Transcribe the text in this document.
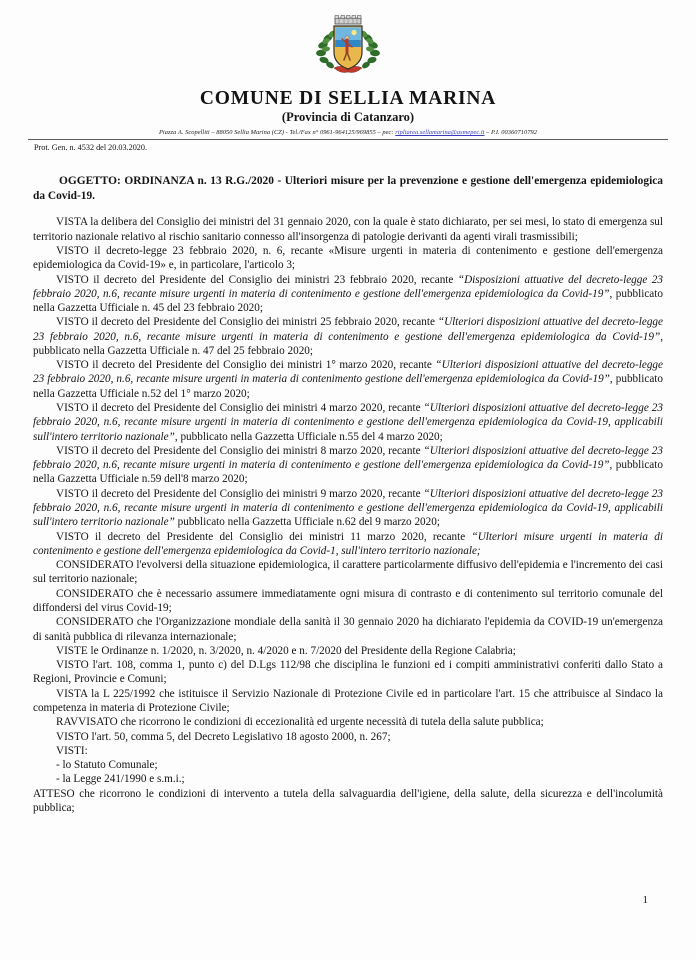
COMUNE DI SELLIA MARINA
(Provincia di Catanzaro)
Piazza A. Scopelliti – 88050 Sellia Marina (CZ) - Tel./Fax n° 0961-964125/969855 – pec: ripliarea.sellamarina@asmepec.it – P.I. 00360710792
Prot. Gen. n. 4532 del 20.03.2020.
OGGETTO: ORDINANZA n. 13 R.G./2020 - Ulteriori misure per la prevenzione e gestione dell'emergenza epidemiologica da Covid-19.

VISTA la delibera del Consiglio dei ministri del 31 gennaio 2020, con la quale è stato dichiarato, per sei mesi, lo stato di emergenza sul territorio nazionale relativo al rischio sanitario connesso all'insorgenza di patologie derivanti da agenti virali trasmissibili;

VISTO il decreto-legge 23 febbraio 2020, n. 6, recante «Misure urgenti in materia di contenimento e gestione dell'emergenza epidemiologica da Covid-19» e, in particolare, l'articolo 3;

VISTO il decreto del Presidente del Consiglio dei ministri 23 febbraio 2020, recante “Disposizioni attuative del decreto-legge 23 febbraio 2020, n.6, recante misure urgenti in materia di contenimento e gestione dell'emergenza epidemiologica da Covid-19”, pubblicato nella Gazzetta Ufficiale n. 45 del 23 febbraio 2020;

VISTO il decreto del Presidente del Consiglio dei ministri 25 febbraio 2020, recante “Ulteriori disposizioni attuative del decreto-legge 23 febbraio 2020, n.6, recante misure urgenti in materia di contenimento e gestione dell'emergenza epidemiologica da Covid-19”, pubblicato nella Gazzetta Ufficiale n. 47 del 25 febbraio 2020;

VISTO il decreto del Presidente del Consiglio dei ministri 1° marzo 2020, recante “Ulteriori disposizioni attuative del decreto-legge 23 febbraio 2020, n.6, recante misure urgenti in materia di contenimento gestione dell'emergenza epidemiologica da Covid-19”, pubblicato nella Gazzetta Ufficiale n.52 del 1° marzo 2020;

VISTO il decreto del Presidente del Consiglio dei ministri 4 marzo 2020, recante “Ulteriori disposizioni attuative del decreto-legge 23 febbraio 2020, n.6, recante misure urgenti in materia di contenimento e gestione dell'emergenza epidemiologica da Covid-19, applicabili sull'intero territorio nazionale”, pubblicato nella Gazzetta Ufficiale n.55 del 4 marzo 2020;

VISTO il decreto del Presidente del Consiglio dei ministri 8 marzo 2020, recante “Ulteriori disposizioni attuative del decreto-legge 23 febbraio 2020, n.6, recante misure urgenti in materia di contenimento e gestione dell'emergenza epidemiologica da Covid-19”, pubblicato nella Gazzetta Ufficiale n.59 dell'8 marzo 2020;

VISTO il decreto del Presidente del Consiglio dei ministri 9 marzo 2020, recante “Ulteriori disposizioni attuative del decreto-legge 23 febbraio 2020, n.6, recante misure urgenti in materia di contenimento e gestione dell'emergenza epidemiologica da Covid-19, applicabili sull'intero territorio nazionale” pubblicato nella Gazzetta Ufficiale n.62 del 9 marzo 2020;

VISTO il decreto del Presidente del Consiglio dei ministri 11 marzo 2020, recante “Ulteriori misure urgenti in materia di contenimento e gestione dell'emergenza epidemiologica da Covid-1, sull'intero territorio nazionale;

CONSIDERATO l'evolversi della situazione epidemiologica, il carattere particolarmente diffusivo dell'epidemia e l'incremento dei casi sul territorio nazionale;

CONSIDERATO che è necessario assumere immediatamente ogni misura di contrasto e di contenimento sul territorio comunale del diffondersi del virus Covid-19;

CONSIDERATO che l'Organizzazione mondiale della sanità il 30 gennaio 2020 ha dichiarato l'epidemia da COVID-19 un'emergenza di sanità pubblica di rilevanza internazionale;

VISTE le Ordinanze n. 1/2020, n. 3/2020, n. 4/2020 e n. 7/2020 del Presidente della Regione Calabria;

VISTO l'art. 108, comma 1, punto c) del D.Lgs 112/98 che disciplina le funzioni ed i compiti amministrativi conferiti dallo Stato a Regioni, Provincie e Comuni;

VISTA la L 225/1992 che istituisce il Servizio Nazionale di Protezione Civile ed in particolare l'art. 15 che attribuisce al Sindaco la competenza in materia di Protezione Civile;

RAVVISATO che ricorrono le condizioni di eccezionalità ed urgente necessità di tutela della salute pubblica;

VISTO l'art. 50, comma 5, del Decreto Legislativo 18 agosto 2000, n. 267;

VISTI:

- lo Statuto Comunale;

- la Legge 241/1990 e s.m.i.;

ATTESO che ricorrono le condizioni di intervento a tutela della salvaguardia dell'igiene, della salute, della sicurezza e dell'incolumità pubblica;

1
